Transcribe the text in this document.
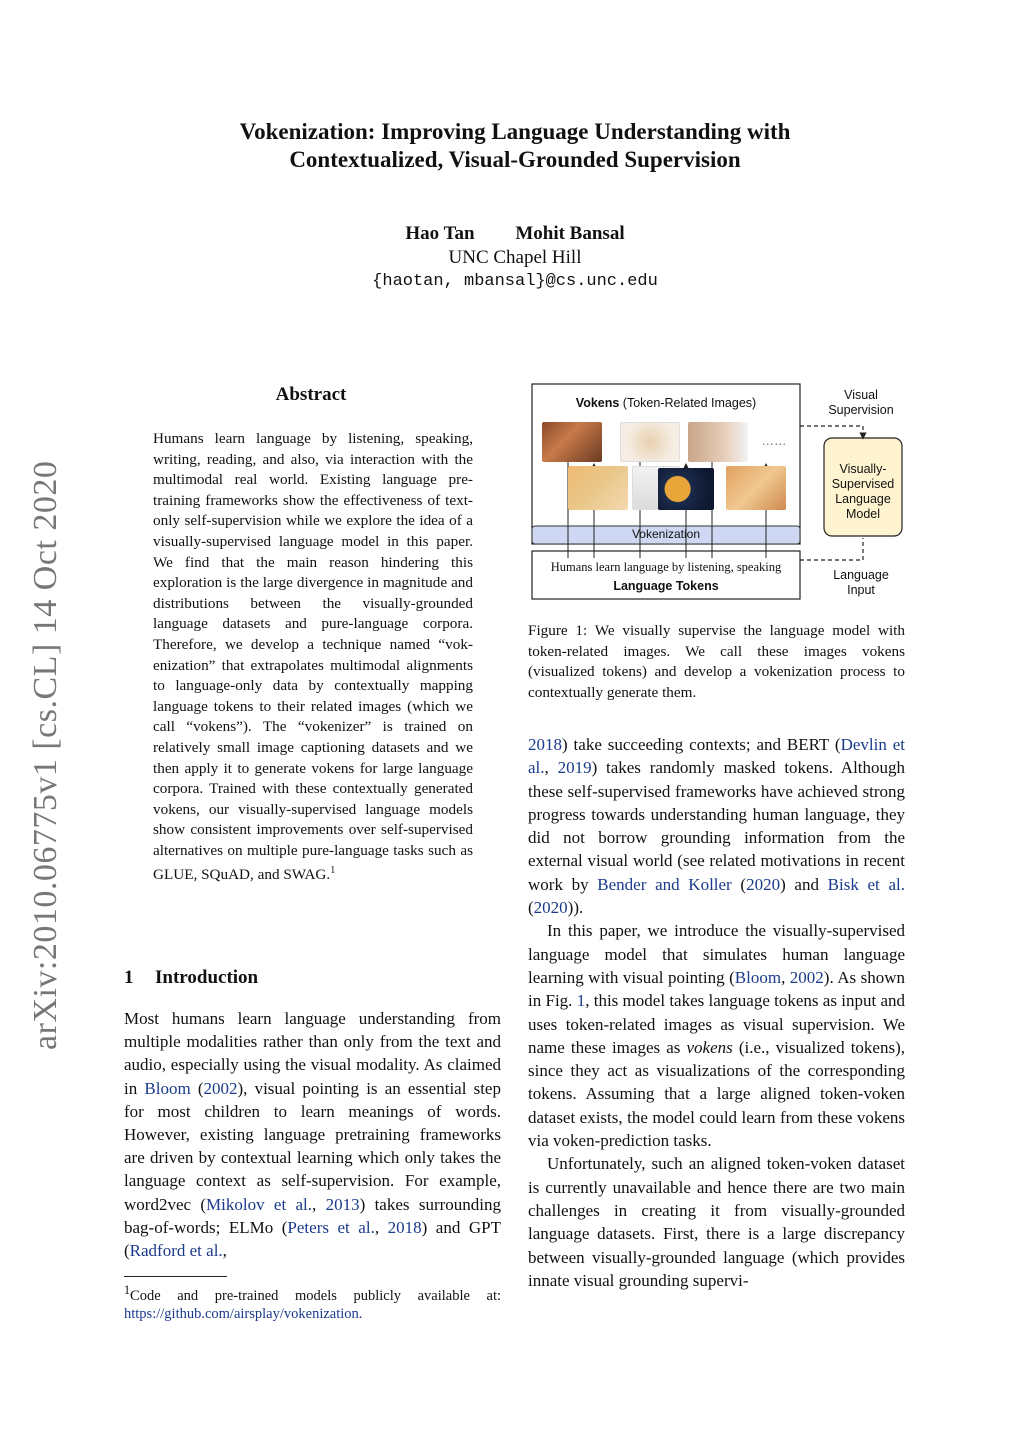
arXiv:2010.06775v1 [cs.CL] 14 Oct 2020
Vokenization: Improving Language Understanding with
Contextualized, Visual-Grounded Supervision
Hao Tan Mohit Bansal
UNC Chapel Hill
{haotan, mbansal}@cs.unc.edu
Abstract
Humans learn language by listening, speaking, writing, reading, and also, via interaction with the multimodal real world. Existing language pre-training frameworks show the effectiveness of text-only self-supervision while we explore the idea of a visually-supervised language model in this paper. We find that the main reason hindering this exploration is the large divergence in magnitude and distributions between the visually-grounded language datasets and pure-language corpora. Therefore, we develop a technique named “vokenization” that extrapolates multimodal alignments to language-only data by contextually mapping language tokens to their related images (which we call “vokens”). The “vokenizer” is trained on relatively small image captioning datasets and we then apply it to generate vokens for large language corpora. Trained with these contextually generated vokens, our visually-supervised language models show consistent improvements over self-supervised alternatives on multiple pure-language tasks such as GLUE, SQuAD, and SWAG.$^1$
1 Introduction
Most humans learn language understanding from multiple modalities rather than only from the text and audio, especially using the visual modality. As claimed in Bloom (2002), visual pointing is an essential step for most children to learn meanings of words. However, existing language pretraining frameworks are driven by contextual learning which only takes the language context as self-supervision. For example, word2vec (Mikolov et al., 2013) takes surrounding bag-of-words; ELMo (Peters et al., 2018) and GPT (Radford et al.,
$^1$Code and pre-trained models publicly available at: https://github.com/airsplay/vokenization.
Vokens (Token-Related Images)
……
Vokenization
Humans learn language by listening, speaking
Language Tokens
Visual
Supervision
Visually-
Supervised
Language
Model
Language
Input
Figure 1: We visually supervise the language model with token-related images. We call these images vokens (visualized tokens) and develop a vokenization process to contextually generate them.

2018) take succeeding contexts; and BERT (Devlin et al., 2019) takes randomly masked tokens. Although these self-supervised frameworks have achieved strong progress towards understanding human language, they did not borrow grounding information from the external visual world (see related motivations in recent work by Bender and Koller (2020) and Bisk et al. (2020)).

In this paper, we introduce the visually-supervised language model that simulates human language learning with visual pointing (Bloom, 2002). As shown in Fig. 1, this model takes language tokens as input and uses token-related images as visual supervision. We name these images as vokens (i.e., visualized tokens), since they act as visualizations of the corresponding tokens. Assuming that a large aligned token-voken dataset exists, the model could learn from these vokens via voken-prediction tasks.

Unfortunately, such an aligned token-voken dataset is currently unavailable and hence there are two main challenges in creating it from visually-grounded language datasets. First, there is a large discrepancy between visually-grounded language (which provides innate visual grounding supervi-
